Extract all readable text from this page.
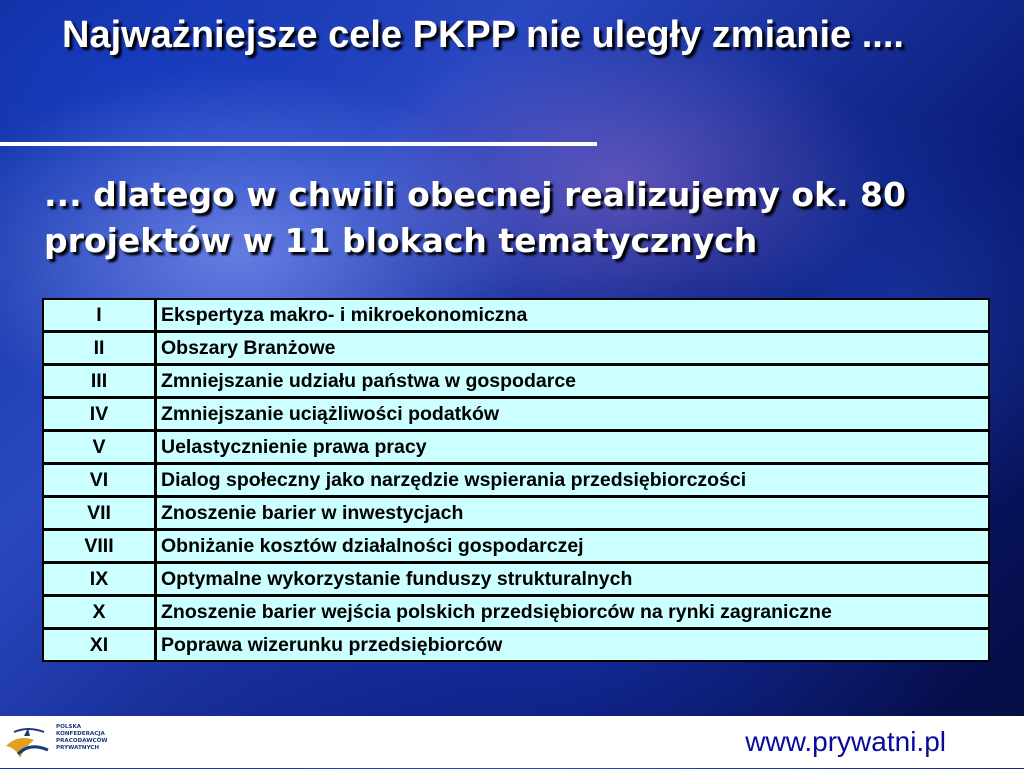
Najważniejsze cele PKPP nie uległy zmianie ....
... dlatego w chwili obecnej realizujemy ok. 80 projektów w 11 blokach tematycznych
I	Ekspertyza makro- i mikroekonomiczna
II	Obszary Branżowe
III	Zmniejszanie udziału państwa w gospodarce
IV	Zmniejszanie uciążliwości podatków
V	Uelastycznienie prawa pracy
VI	Dialog społeczny jako narzędzie wspierania przedsiębiorczości
VII	Znoszenie barier w inwestycjach
VIII	Obniżanie kosztów działalności gospodarczej
IX	Optymalne wykorzystanie funduszy strukturalnych
X	Znoszenie barier wejścia polskich przedsiębiorców na rynki zagraniczne
XI	Poprawa wizerunku przedsiębiorców
POLSKA
KONFEDERACJA
PRACODAWCÓW
PRYWATNYCH	www.prywatni.pl
